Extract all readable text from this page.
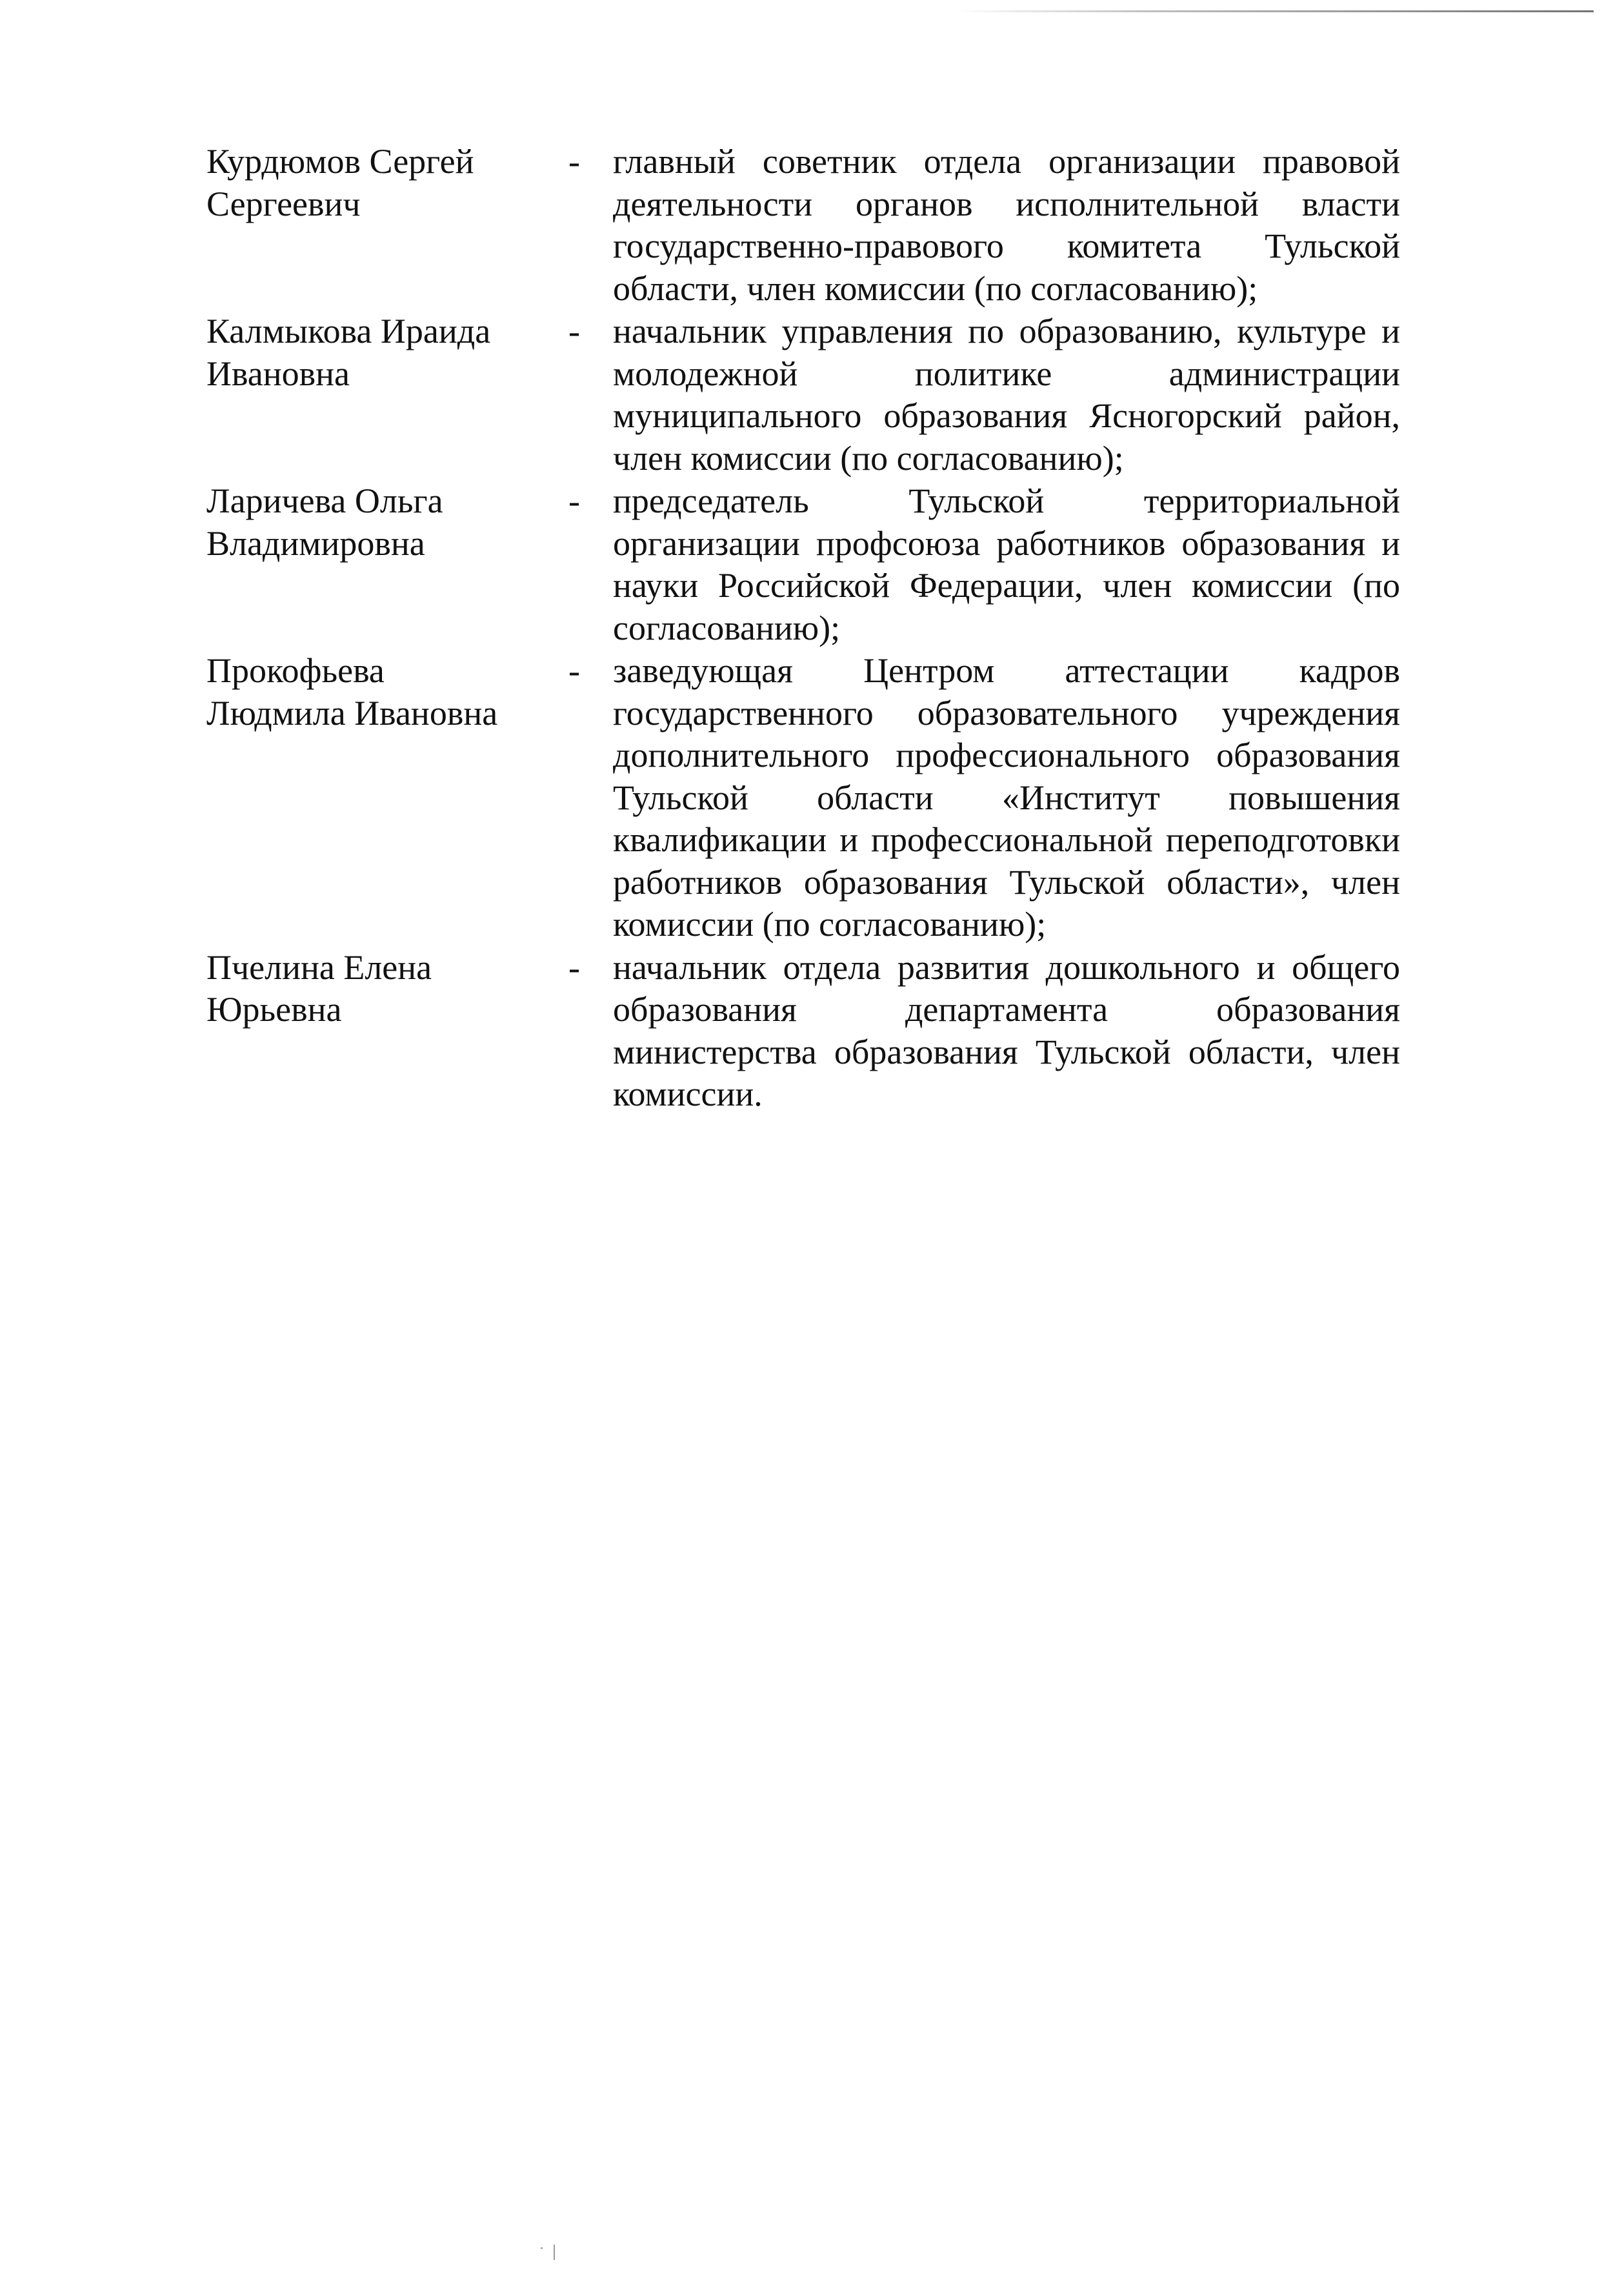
Курдюмов Сергей
Сергеевич
- главный советник отдела организации правовой деятельности органов исполнительной власти государственно-правового комитета Тульской области, член комиссии (по согласованию);
Калмыкова Ираида
Ивановна
- начальник управления по образованию, культуре и молодежной политике администрации муниципального образования Ясногорский район, член комиссии (по согласованию);
Ларичева Ольга
Владимировна
- председатель Тульской территориальной организации профсоюза работников образования и науки Российской Федерации, член комиссии (по согласованию);
Прокофьева
Людмила Ивановна
- заведующая Центром аттестации кадров государственного образовательного учреждения дополнительного профессионального образования Тульской области «Институт повышения квалификации и профессиональной переподготовки работников образования Тульской области», член комиссии (по согласованию);
Пчелина Елена
Юрьевна
- начальник отдела развития дошкольного и общего образования департамента образования министерства образования Тульской области, член комиссии.
